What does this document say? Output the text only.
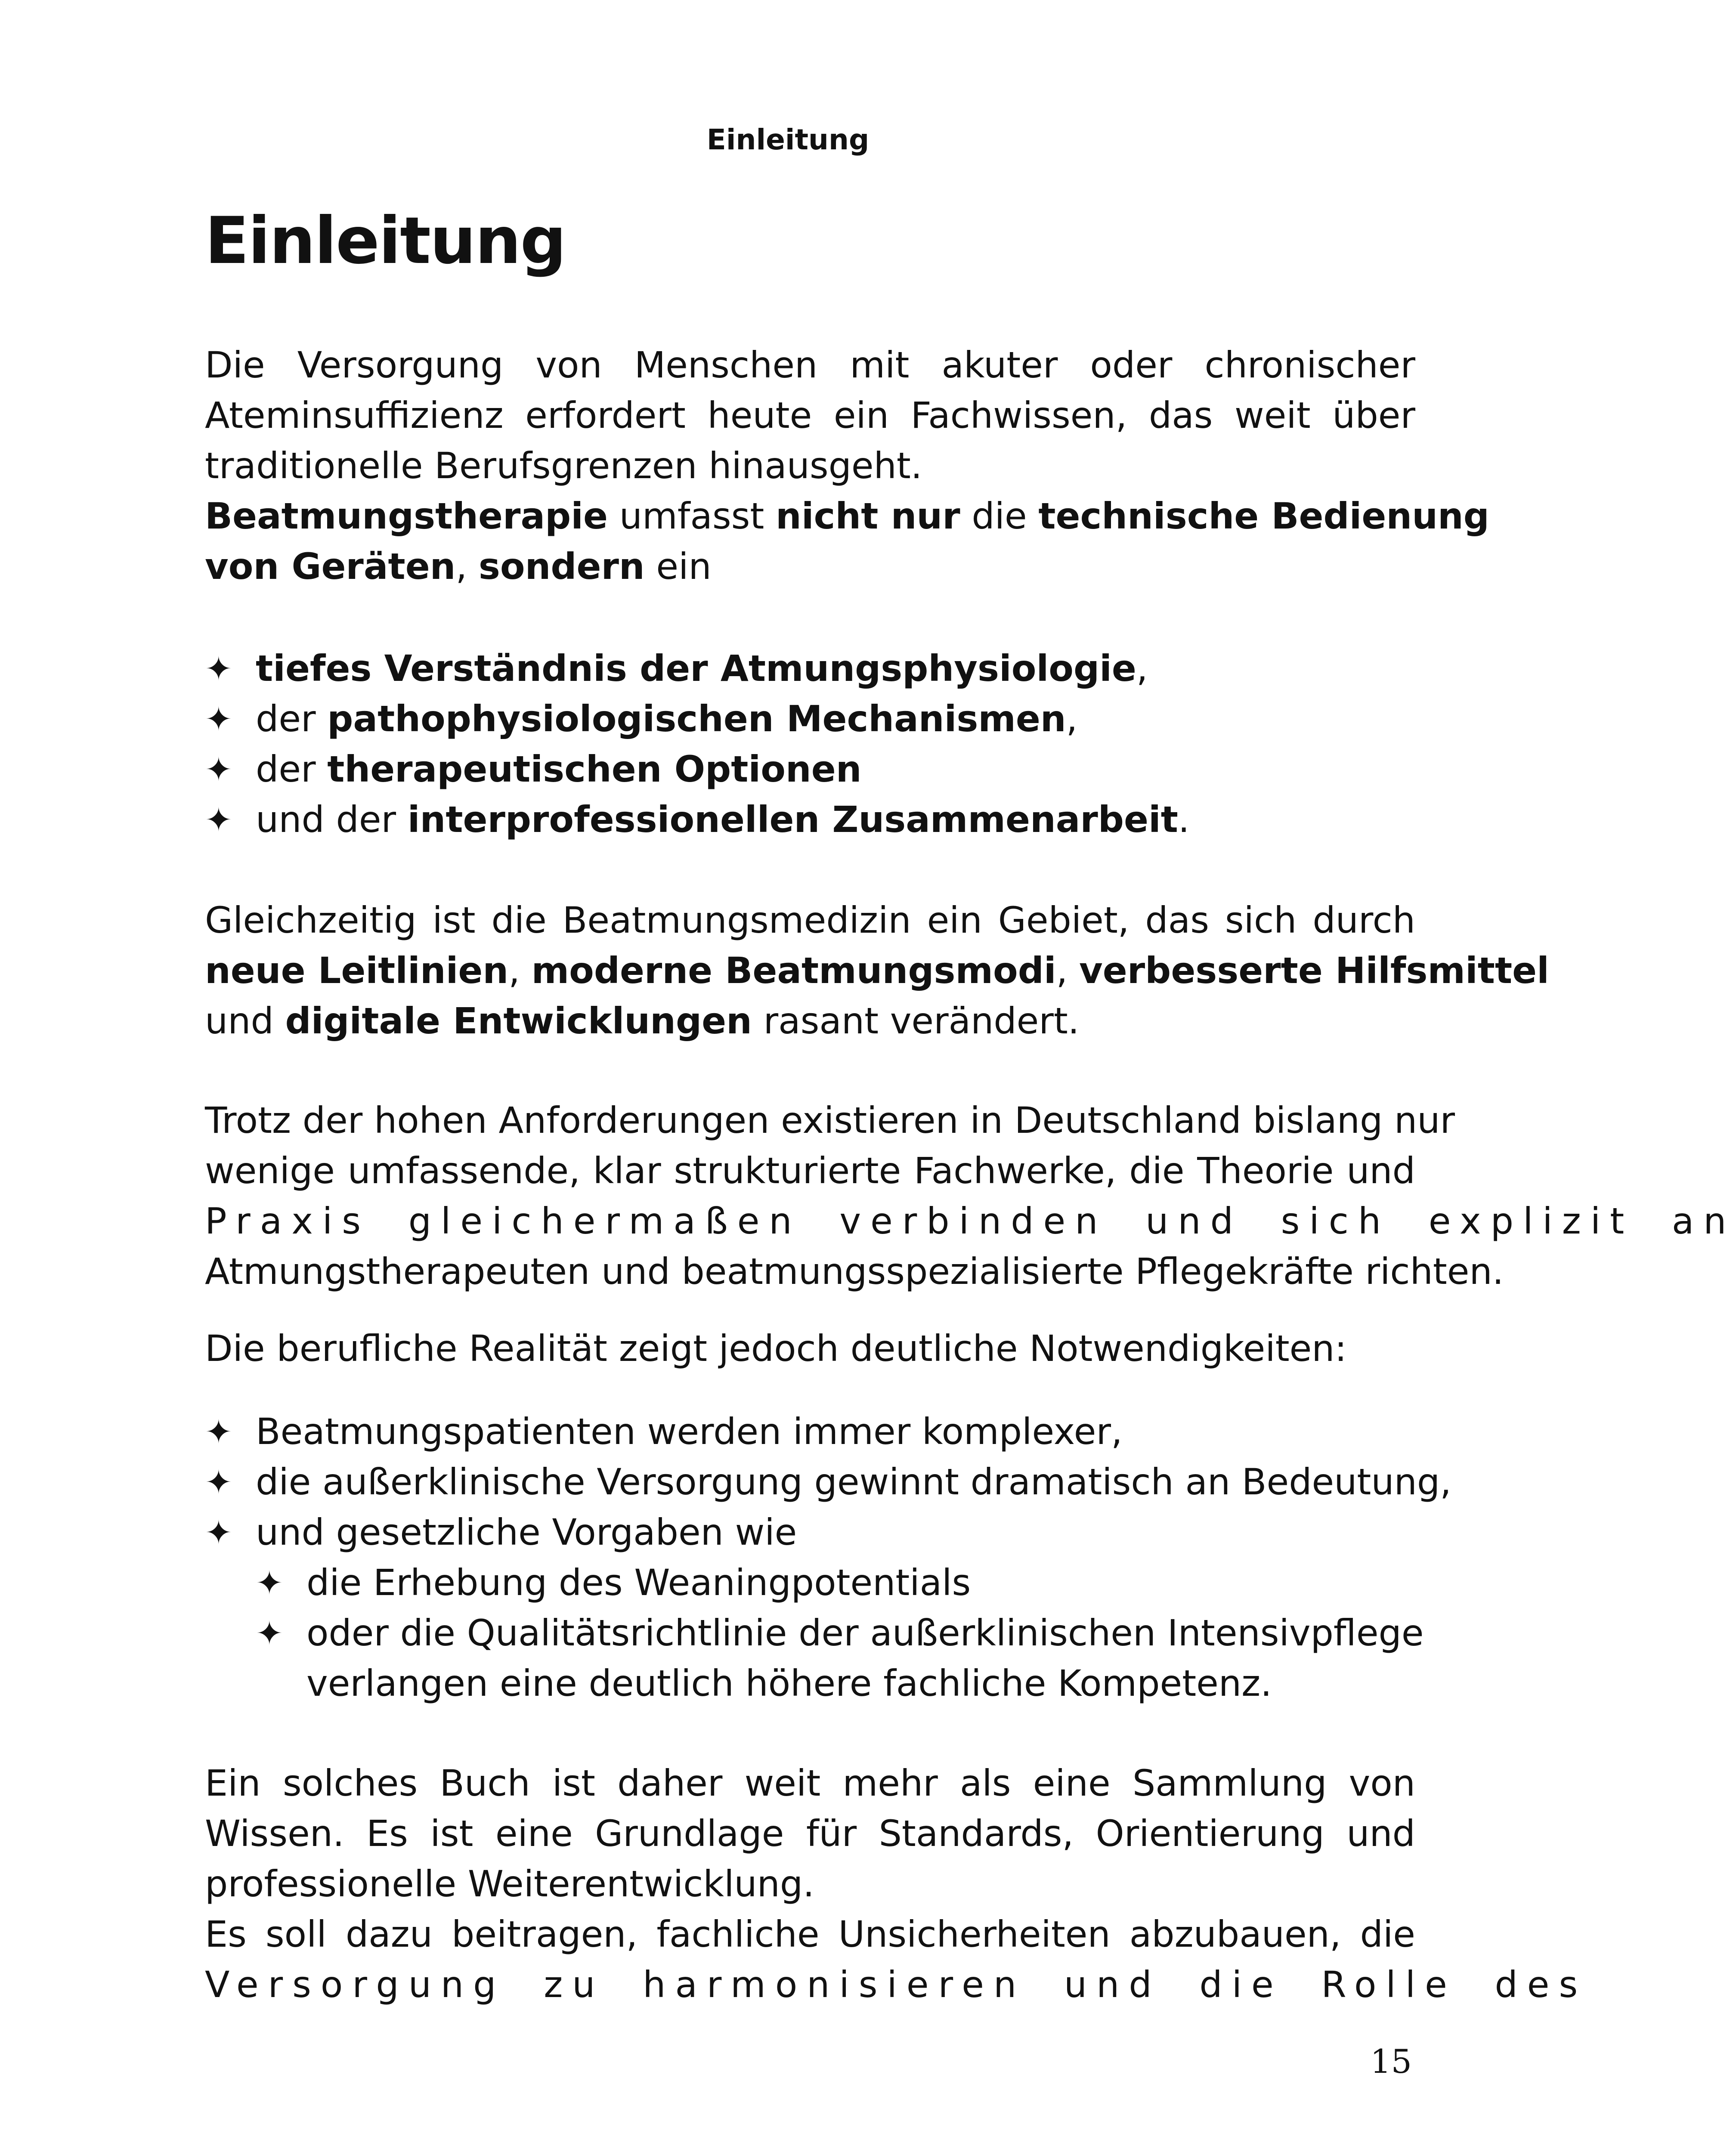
Einleitung
Einleitung
Die Versorgung von Menschen mit akuter oder chronischer
Ateminsuffizienz erfordert heute ein Fachwissen, das weit über
traditionelle Berufsgrenzen hinausgeht.
Beatmungstherapie umfasst nicht nur die technische Bedienung
von Geräten, sondern ein
✦ tiefes Verständnis der Atmungsphysiologie,
✦ der pathophysiologischen Mechanismen,
✦ der therapeutischen Optionen
✦ und der interprofessionellen Zusammenarbeit.
Gleichzeitig ist die Beatmungsmedizin ein Gebiet, das sich durch
neue Leitlinien, moderne Beatmungsmodi, verbesserte Hilfsmittel
und digitale Entwicklungen rasant verändert.
Trotz der hohen Anforderungen existieren in Deutschland bislang nur
wenige umfassende, klar strukturierte Fachwerke, die Theorie und
Praxis gleichermaßen verbinden und sich explizit an
Atmungstherapeuten und beatmungsspezialisierte Pflegekräfte richten.
Die berufliche Realität zeigt jedoch deutliche Notwendigkeiten:
✦ Beatmungspatienten werden immer komplexer,
✦ die außerklinische Versorgung gewinnt dramatisch an Bedeutung,
✦ und gesetzliche Vorgaben wie
✦ die Erhebung des Weaningpotentials
✦ oder die Qualitätsrichtlinie der außerklinischen Intensivpflege
verlangen eine deutlich höhere fachliche Kompetenz.
Ein solches Buch ist daher weit mehr als eine Sammlung von
Wissen. Es ist eine Grundlage für Standards, Orientierung und
professionelle Weiterentwicklung.
Es soll dazu beitragen, fachliche Unsicherheiten abzubauen, die
Versorgung zu harmonisieren und die Rolle des
15
